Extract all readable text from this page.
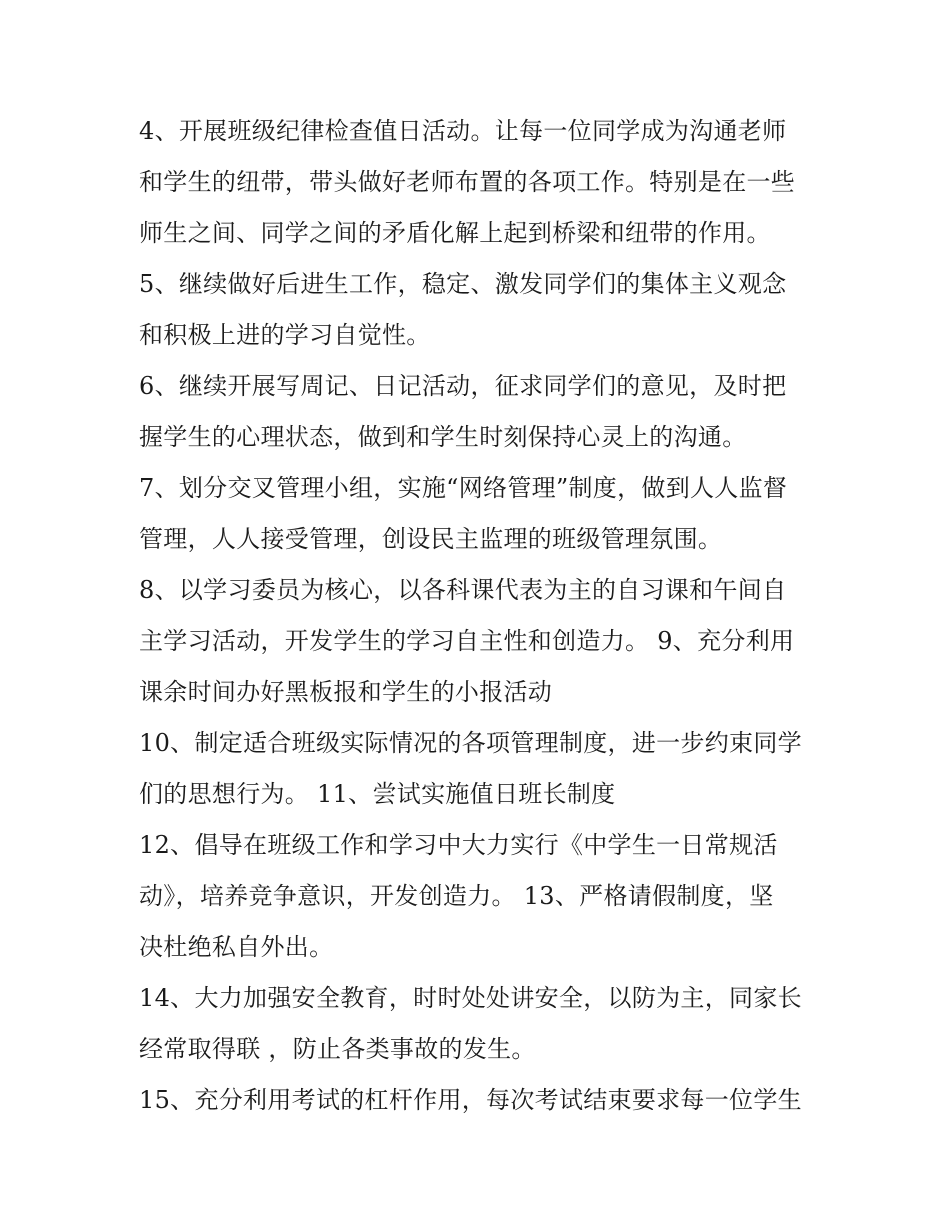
4、开展班级纪律检查值日活动。让每一位同学成为沟通老师
和学生的纽带，带头做好老师布置的各项工作。特别是在一些
师生之间、同学之间的矛盾化解上起到桥梁和纽带的作用。
5、继续做好后进生工作，稳定、激发同学们的集体主义观念
和积极上进的学习自觉性。
6、继续开展写周记、日记活动，征求同学们的意见，及时把
握学生的心理状态，做到和学生时刻保持心灵上的沟通。
7、划分交叉管理小组，实施“网络管理”制度，做到人人监督
管理，人人接受管理，创设民主监理的班级管理氛围。
8、以学习委员为核心，以各科课代表为主的自习课和午间自
主学习活动，开发学生的学习自主性和创造力。 9、充分利用
课余时间办好黑板报和学生的小报活动
10、制定适合班级实际情况的各项管理制度，进一步约束同学
们的思想行为。 11、尝试实施值日班长制度
12、倡导在班级工作和学习中大力实行《中学生一日常规活
动》，培养竞争意识，开发创造力。 13、严格请假制度，坚
决杜绝私自外出。
14、大力加强安全教育，时时处处讲安全，以防为主，同家长
经常取得联 ，防止各类事故的发生。
15、充分利用考试的杠杆作用，每次考试结束要求每一位学生
